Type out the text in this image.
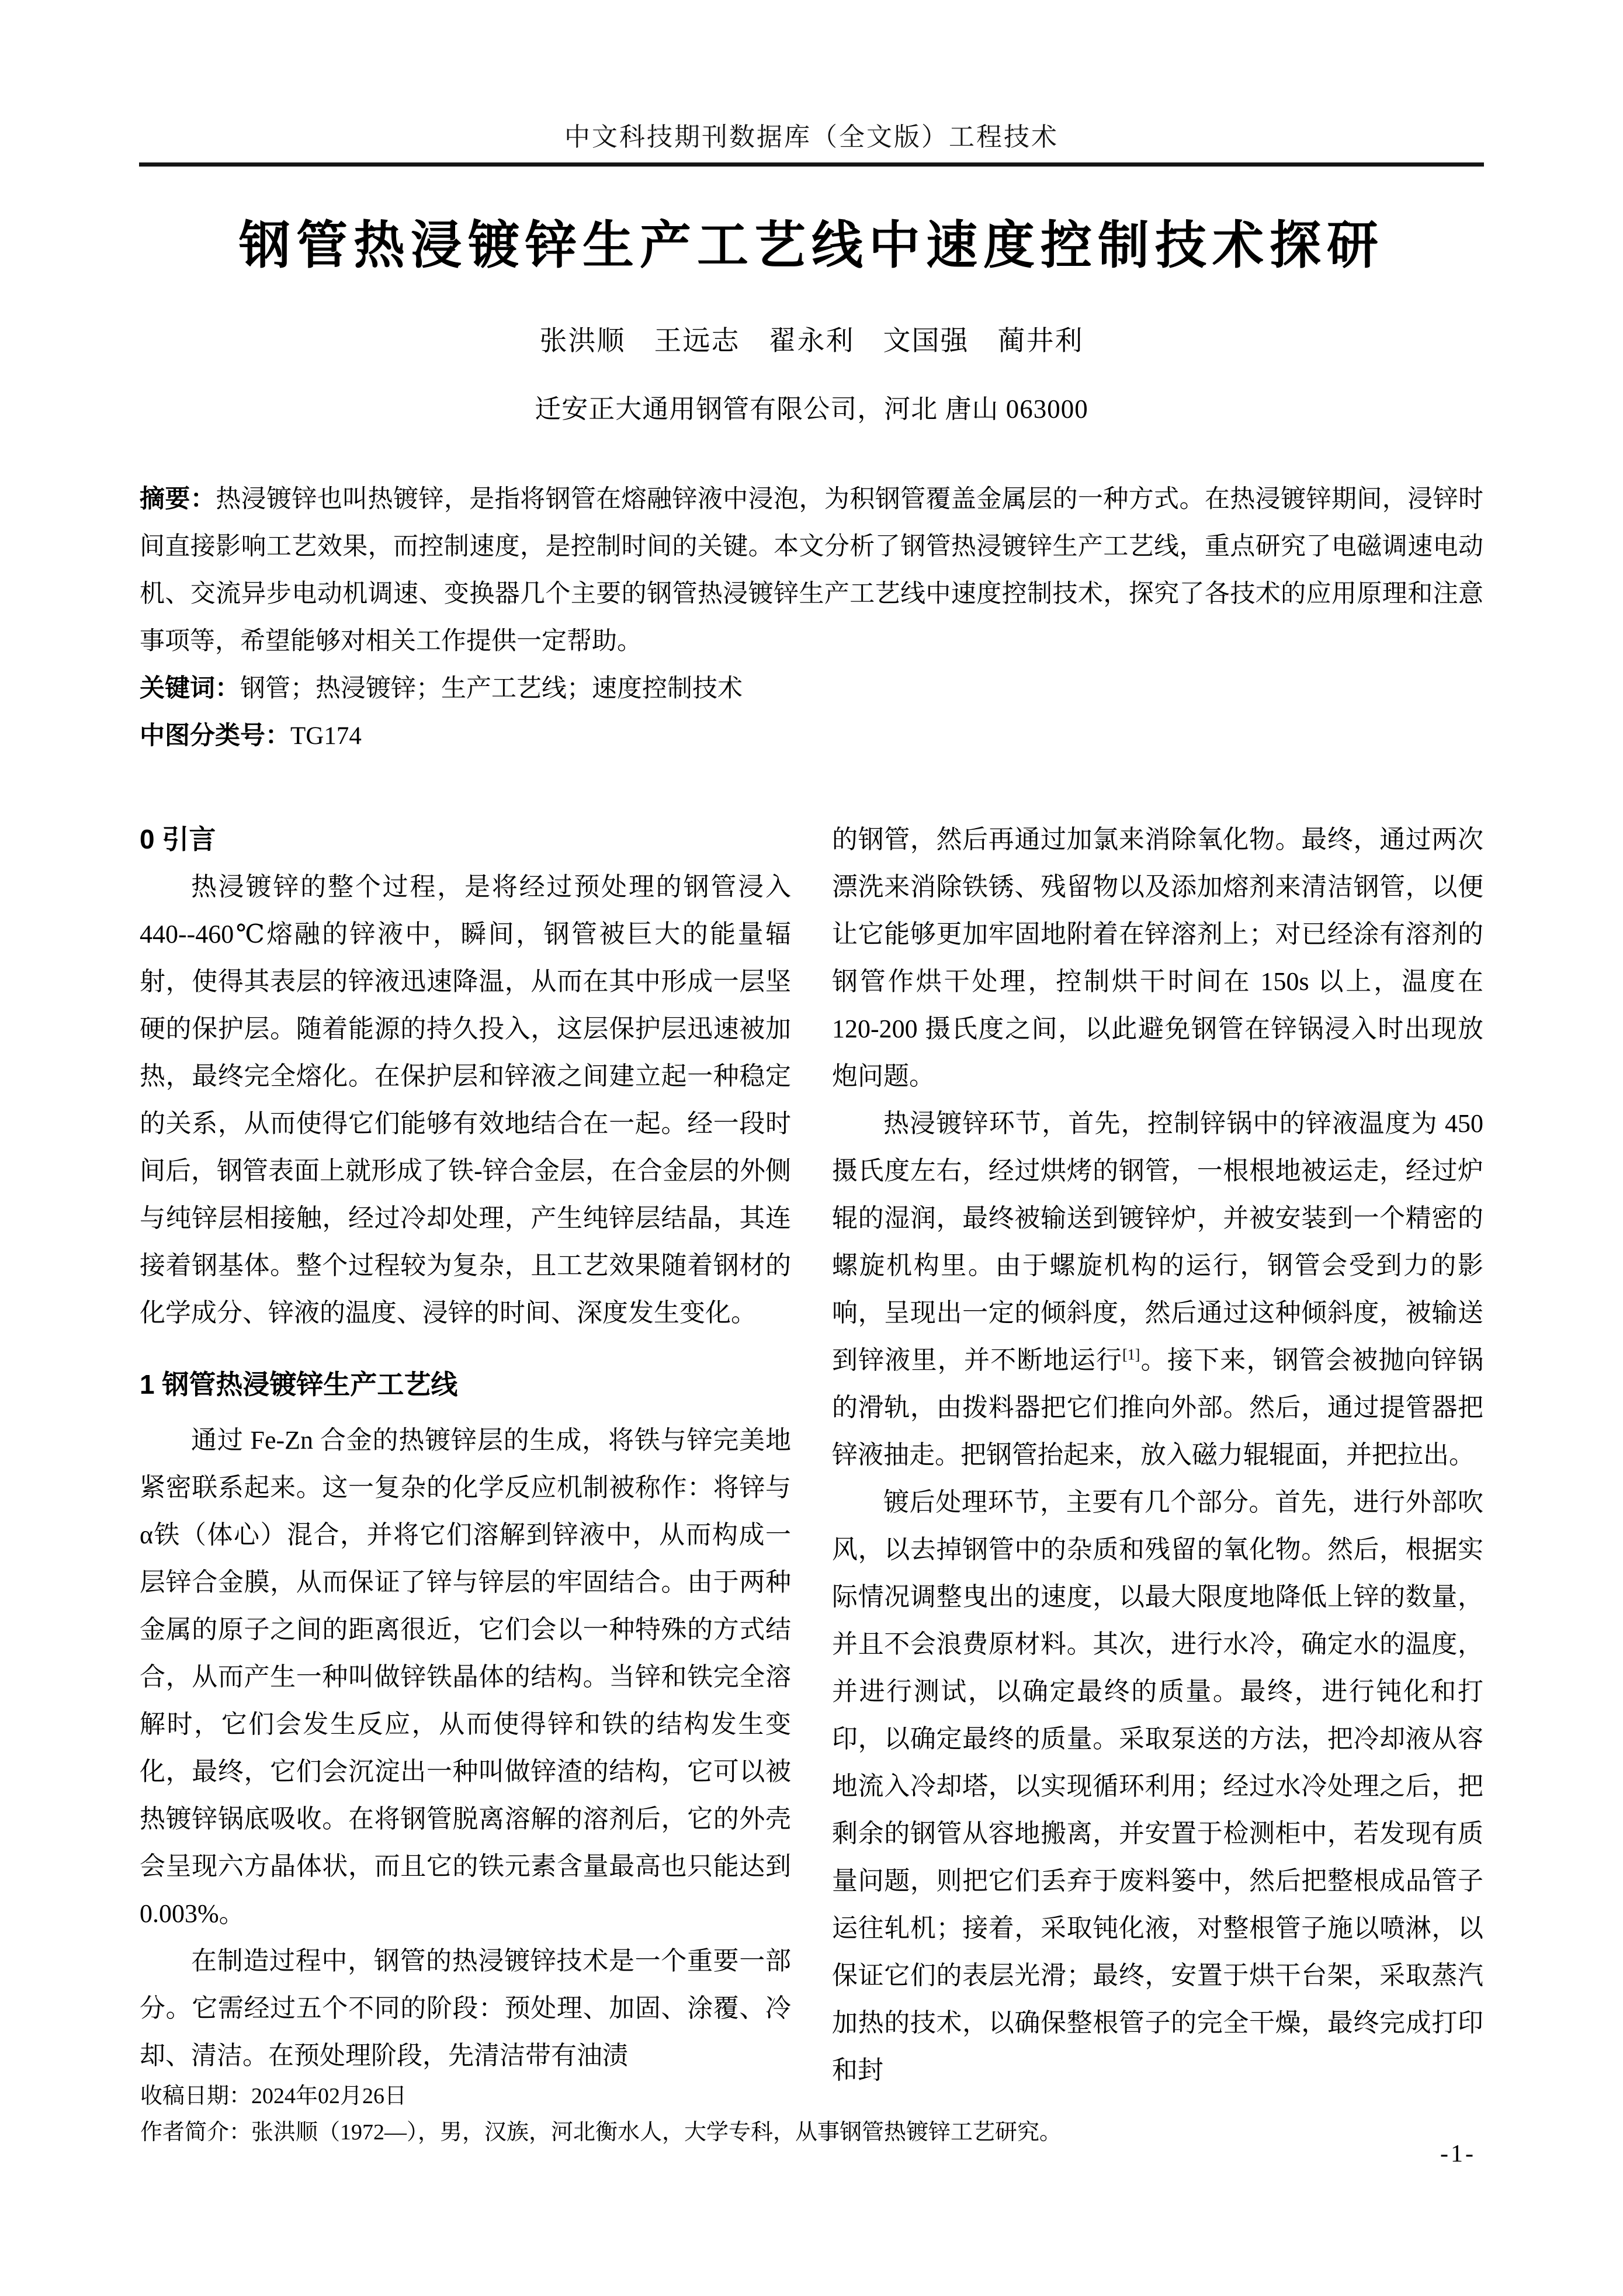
中文科技期刊数据库（全文版）工程技术
钢管热浸镀锌生产工艺线中速度控制技术探研
张洪顺　王远志　翟永利　文国强　蔺井利
迁安正大通用钢管有限公司，河北 唐山 063000

摘要：热浸镀锌也叫热镀锌，是指将钢管在熔融锌液中浸泡，为积钢管覆盖金属层的一种方式。在热浸镀锌期间，浸锌时间直接影响工艺效果，而控制速度，是控制时间的关键。本文分析了钢管热浸镀锌生产工艺线，重点研究了电磁调速电动机、交流异步电动机调速、变换器几个主要的钢管热浸镀锌生产工艺线中速度控制技术，探究了各技术的应用原理和注意事项等，希望能够对相关工作提供一定帮助。

关键词：钢管；热浸镀锌；生产工艺线；速度控制技术

中图分类号：TG174

0 引言

热浸镀锌的整个过程，是将经过预处理的钢管浸入 440--460℃熔融的锌液中，瞬间，钢管被巨大的能量辐射，使得其表层的锌液迅速降温，从而在其中形成一层坚硬的保护层。随着能源的持久投入，这层保护层迅速被加热，最终完全熔化。在保护层和锌液之间建立起一种稳定的关系，从而使得它们能够有效地结合在一起。经一段时间后，钢管表面上就形成了铁-锌合金层，在合金层的外侧与纯锌层相接触，经过冷却处理，产生纯锌层结晶，其连接着钢基体。整个过程较为复杂，且工艺效果随着钢材的化学成分、锌液的温度、浸锌的时间、深度发生变化。

1 钢管热浸镀锌生产工艺线

通过 Fe-Zn 合金的热镀锌层的生成，将铁与锌完美地紧密联系起来。这一复杂的化学反应机制被称作：将锌与α铁（体心）混合，并将它们溶解到锌液中，从而构成一层锌合金膜，从而保证了锌与锌层的牢固结合。由于两种金属的原子之间的距离很近，它们会以一种特殊的方式结合，从而产生一种叫做锌铁晶体的结构。当锌和铁完全溶解时，它们会发生反应，从而使得锌和铁的结构发生变化，最终，它们会沉淀出一种叫做锌渣的结构，它可以被热镀锌锅底吸收。在将钢管脱离溶解的溶剂后，它的外壳会呈现六方晶体状，而且它的铁元素含量最高也只能达到 0.003%。

在制造过程中，钢管的热浸镀锌技术是一个重要一部分。它需经过五个不同的阶段：预处理、加固、涂覆、冷却、清洁。在预处理阶段，先清洁带有油渍

的钢管，然后再通过加氯来消除氧化物。最终，通过两次漂洗来消除铁锈、残留物以及添加熔剂来清洁钢管，以便让它能够更加牢固地附着在锌溶剂上；对已经涂有溶剂的钢管作烘干处理，控制烘干时间在 150s 以上，温度在 120-200 摄氏度之间，以此避免钢管在锌锅浸入时出现放炮问题。

热浸镀锌环节，首先，控制锌锅中的锌液温度为 450 摄氏度左右，经过烘烤的钢管，一根根地被运走，经过炉辊的湿润，最终被输送到镀锌炉，并被安装到一个精密的螺旋机构里。由于螺旋机构的运行，钢管会受到力的影响，呈现出一定的倾斜度，然后通过这种倾斜度，被输送到锌液里，并不断地运行[1]。接下来，钢管会被抛向锌锅的滑轨，由拨料器把它们推向外部。然后，通过提管器把锌液抽走。把钢管抬起来，放入磁力辊辊面，并把拉出。

镀后处理环节，主要有几个部分。首先，进行外部吹风，以去掉钢管中的杂质和残留的氧化物。然后，根据实际情况调整曳出的速度，以最大限度地降低上锌的数量，并且不会浪费原材料。其次，进行水冷，确定水的温度，并进行测试，以确定最终的质量。最终，进行钝化和打印，以确定最终的质量。采取泵送的方法，把冷却液从容地流入冷却塔，以实现循环利用；经过水冷处理之后，把剩余的钢管从容地搬离，并安置于检测柜中，若发现有质量问题，则把它们丢弃于废料篓中，然后把整根成品管子运往轧机；接着，采取钝化液，对整根管子施以喷淋，以保证它们的表层光滑；最终，安置于烘干台架，采取蒸汽加热的技术，以确保整根管子的完全干燥，最终完成打印和封

收稿日期：2024年02月26日

作者简介：张洪顺（1972—），男，汉族，河北衡水人，大学专科，从事钢管热镀锌工艺研究。

-1-
